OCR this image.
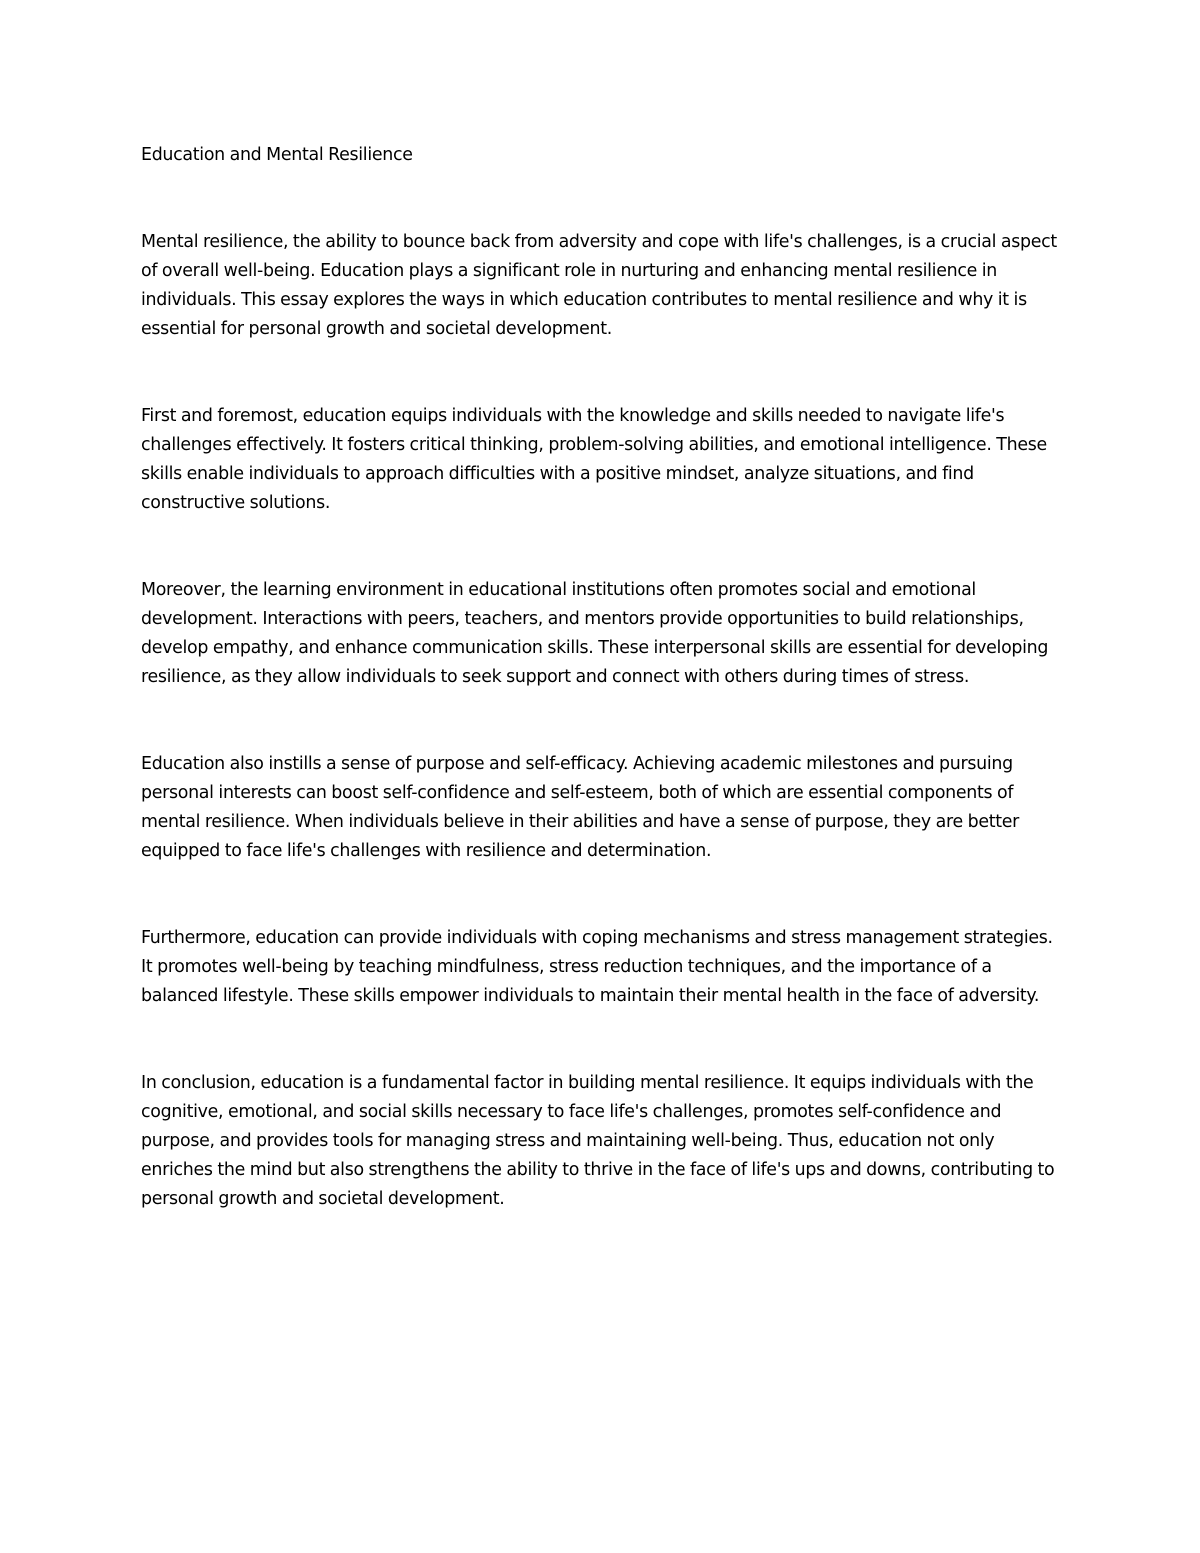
Education and Mental Resilience

Mental resilience, the ability to bounce back from adversity and cope with life's challenges, is a crucial aspect of overall well-being. Education plays a significant role in nurturing and enhancing mental resilience in individuals. This essay explores the ways in which education contributes to mental resilience and why it is essential for personal growth and societal development.

First and foremost, education equips individuals with the knowledge and skills needed to navigate life's challenges effectively. It fosters critical thinking, problem-solving abilities, and emotional intelligence. These skills enable individuals to approach difficulties with a positive mindset, analyze situations, and find constructive solutions.

Moreover, the learning environment in educational institutions often promotes social and emotional development. Interactions with peers, teachers, and mentors provide opportunities to build relationships, develop empathy, and enhance communication skills. These interpersonal skills are essential for developing resilience, as they allow individuals to seek support and connect with others during times of stress.

Education also instills a sense of purpose and self-efficacy. Achieving academic milestones and pursuing personal interests can boost self-confidence and self-esteem, both of which are essential components of mental resilience. When individuals believe in their abilities and have a sense of purpose, they are better equipped to face life's challenges with resilience and determination.

Furthermore, education can provide individuals with coping mechanisms and stress management strategies. It promotes well-being by teaching mindfulness, stress reduction techniques, and the importance of a balanced lifestyle. These skills empower individuals to maintain their mental health in the face of adversity.

In conclusion, education is a fundamental factor in building mental resilience. It equips individuals with the cognitive, emotional, and social skills necessary to face life's challenges, promotes self-confidence and purpose, and provides tools for managing stress and maintaining well-being. Thus, education not only enriches the mind but also strengthens the ability to thrive in the face of life's ups and downs, contributing to personal growth and societal development.
